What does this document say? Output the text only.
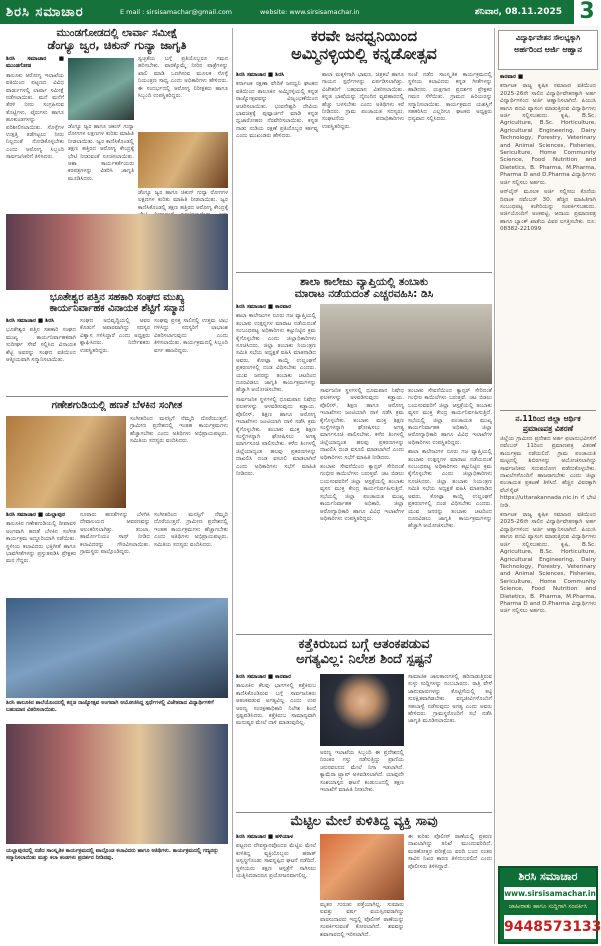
ಶಿರಸಿ ಸಮಾಚಾರ	E mail : sirsisamachar@gmail.com	website: www.sirsisamachar.in	ಶನಿವಾರ, 08.11.2025 3
ಮುಂಡಗೋಡದಲ್ಲಿ ಲಾರ್ವಾ ಸಮೀಕ್ಷೆ
ಡೆಂಗ್ಯೂ ಜ್ವರ, ಚಿಕುನ್ ಗುನ್ಯಾ ಜಾಗೃತಿ

ಶಿರಸಿ ಸಮಾಚಾರ ■ ಮುಂಡಗೋಡ

ತಾಲೂಕು ಆರೋಗ್ಯ ಇಲಾಖೆಯ ವತಿಯಿಂದ ಪಟ್ಟಣದ ವಿವಿಧ ವಾರ್ಡುಗಳಲ್ಲಿ ಲಾರ್ವಾ ಸಮೀಕ್ಷೆ ನಡೆಸಲಾಯಿತು. ಮನೆ ಮನೆಗೆ ತೆರಳಿ ನೀರು ಸಂಗ್ರಹಿಸುವ ತೊಟ್ಟಿಗಳು, ಟೈರುಗಳು ಹಾಗೂ ಹೂಕುಂಡಗಳನ್ನು ಪರಿಶೀಲಿಸಲಾಯಿತು. ಸೊಳ್ಳೆಗಳ ಉತ್ಪತ್ತಿ ತಡೆಗಟ್ಟಲು ನೀರು ನಿಲ್ಲದಂತೆ ನೋಡಿಕೊಳ್ಳಬೇಕು ಎಂದು ಆರೋಗ್ಯ ಸಿಬ್ಬಂದಿ ಸಾರ್ವಜನಿಕರಿಗೆ ತಿಳಿಸಿದರು.

ಡೆಂಗ್ಯೂ ಜ್ವರ ಹಾಗೂ ಚಿಕುನ್ ಗುನ್ಯಾ ರೋಗಗಳ ಲಕ್ಷಣಗಳ ಕುರಿತು ಮಾಹಿತಿ ನೀಡಲಾಯಿತು. ಜ್ವರ ಕಾಣಿಸಿಕೊಂಡಲ್ಲಿ ತಕ್ಷಣ ಹತ್ತಿರದ ಆರೋಗ್ಯ ಕೇಂದ್ರಕ್ಕೆ ಭೇಟಿ ನೀಡುವಂತೆ ಸೂಚಿಸಲಾಯಿತು. ಆಶಾ ಕಾರ್ಯಕರ್ತೆಯರು ಕರಪತ್ರಗಳನ್ನು ವಿತರಿಸಿ ಜಾಗೃತಿ ಮೂಡಿಸಿದರು.

ಸ್ವಚ್ಛತೆಯ ಬಗ್ಗೆ ಪ್ರತಿಯೊಬ್ಬರೂ ಗಮನ ಹರಿಸಬೇಕು. ವಾರಕ್ಕೊಮ್ಮೆ ನೀರಿನ ಪಾತ್ರೆಗಳನ್ನು ಖಾಲಿ ಮಾಡಿ ಒಣಗಿಸುವ ಮೂಲಕ ಸೊಳ್ಳೆ ನಿಯಂತ್ರಣ ಸಾಧ್ಯ ಎಂದು ಅಧಿಕಾರಿಗಳು ಹೇಳಿದರು. ಈ ಸಂದರ್ಭದಲ್ಲಿ ಆರೋಗ್ಯ ನಿರೀಕ್ಷಕರು ಹಾಗೂ ಸಿಬ್ಬಂದಿ ಉಪಸ್ಥಿತರಿದ್ದರು.

ಡೆಂಗ್ಯೂ ಜ್ವರ ಹಾಗೂ ಚಿಕುನ್ ಗುನ್ಯಾ ರೋಗಗಳ ಲಕ್ಷಣಗಳ ಕುರಿತು ಮಾಹಿತಿ ನೀಡಲಾಯಿತು. ಜ್ವರ ಕಾಣಿಸಿಕೊಂಡಲ್ಲಿ ತಕ್ಷಣ ಹತ್ತಿರದ ಆರೋಗ್ಯ ಕೇಂದ್ರಕ್ಕೆ

ಭೂತೇಶ್ವರ ಪತ್ತಿನ ಸಹಕಾರಿ ಸಂಘದ ಮುಖ್ಯ
ಕಾರ್ಯನಿರ್ವಾಹಕ ವಿನಾಯಕ ಶೆಟ್ಟಿಗೆ ಸನ್ಮಾನ

ಶಿರಸಿ ಸಮಾಚಾರ ■ ಶಿರಸಿ

ಭೂತೇಶ್ವರ ಪತ್ತಿನ ಸಹಕಾರಿ ಸಂಘದ ಮುಖ್ಯ ಕಾರ್ಯನಿರ್ವಾಹಕರಾಗಿ ಸುದೀರ್ಘ ಸೇವೆ ಸಲ್ಲಿಸಿದ ವಿನಾಯಕ ಶೆಟ್ಟಿ ಅವರನ್ನು ಸಂಘದ ವತಿಯಿಂದ ಆತ್ಮೀಯವಾಗಿ ಸನ್ಮಾನಿಸಲಾಯಿತು.

ಸಂಘದ ಅಭಿವೃದ್ಧಿಯಲ್ಲಿ ಅವರ ಕೊಡುಗೆ ಅಪಾರವಾಗಿದ್ದು ಸದಸ್ಯರ ವಿಶ್ವಾಸ ಗಳಿಸಿದ್ದಾರೆ ಎಂದು ಅಧ್ಯಕ್ಷರು ಶ್ಲಾಘಿಸಿದರು. ನಿರ್ದೇಶಕರು ಉಪಸ್ಥಿತರಿದ್ದರು.

ಸಂಘವು ಪ್ರಸಕ್ತ ಸಾಲಿನಲ್ಲಿ ಉತ್ತಮ ಲಾಭ ಗಳಿಸಿದ್ದು ಸದಸ್ಯರಿಗೆ ಲಾಭಾಂಶ ವಿತರಿಸಲಾಗುವುದು ಎಂದು ತಿಳಿಸಲಾಯಿತು. ಕಾರ್ಯಕ್ರಮದಲ್ಲಿ ಸಿಬ್ಬಂದಿ ವರ್ಗ ಹಾಜರಿದ್ದರು.

ಗಣೇಶಗುಡಿಯಲ್ಲಿ ಹಣತೆ ಬೆಳಕಿನ ಸಂಗೀತ

ಸಂಗೀತದಿಂದ ಮನಸ್ಸಿಗೆ ನೆಮ್ಮದಿ ದೊರೆಯುತ್ತದೆ. ಗ್ರಾಮೀಣ ಪ್ರದೇಶದಲ್ಲಿ ಇಂತಹ ಕಾರ್ಯಕ್ರಮಗಳು ಹೆಚ್ಚಾಗಬೇಕು ಎಂದು ಅತಿಥಿಗಳು ಅಭಿಪ್ರಾಯಪಟ್ಟರು. ಸಮಿತಿಯ ಸದಸ್ಯರು ವಂದಿಸಿದರು.

ಶಿರಸಿ ಸಮಾಚಾರ ■ ಯಲ್ಲಾಪುರ

ತಾಲೂಕಿನ ಗಣೇಶಗುಡಿಯಲ್ಲಿ ದೀಪಾವಳಿ ಅಂಗವಾಗಿ ಹಣತೆ ಬೆಳಕಿನ ಸಂಗೀತ ಕಾರ್ಯಕ್ರಮ ಅದ್ದೂರಿಯಾಗಿ ನಡೆಯಿತು. ಸ್ಥಳೀಯ ಕಲಾವಿದರು ಭಕ್ತಿಗೀತೆ ಹಾಗೂ ಭಾವಗೀತೆಗಳನ್ನು ಪ್ರಸ್ತುತಪಡಿಸಿ ಪ್ರೇಕ್ಷಕರ ಮನ ಗೆದ್ದರು.

ನೂರಾರು ಹಣತೆಗಳನ್ನು ಬೆಳಗಿಸಿ ದೇವಾಲಯದ ಆವರಣವನ್ನು ಅಲಂಕರಿಸಲಾಗಿತ್ತು. ತಬಲಾ, ಹಾರ್ಮೋನಿಯಂ ಸಾಥ್ ನೀಡಿದ ಕಲಾವಿದರನ್ನು ಗೌರವಿಸಲಾಯಿತು. ಗ್ರಾಮಸ್ಥರು ಪಾಲ್ಗೊಂಡಿದ್ದರು.

ಸಂಗೀತದಿಂದ ಮನಸ್ಸಿಗೆ ನೆಮ್ಮದಿ ದೊರೆಯುತ್ತದೆ. ಗ್ರಾಮೀಣ ಪ್ರದೇಶದಲ್ಲಿ ಇಂತಹ ಕಾರ್ಯಕ್ರಮಗಳು ಹೆಚ್ಚಾಗಬೇಕು ಎಂದು ಅತಿಥಿಗಳು ಅಭಿಪ್ರಾಯಪಟ್ಟರು. ಸಮಿತಿಯ ಸದಸ್ಯರು ವಂದಿಸಿದರು.

ಶಿರಸಿ ತಾಲೂಕಿನ ಶಾಲೆಯೊಂದರಲ್ಲಿ ಕನ್ನಡ ರಾಜ್ಯೋತ್ಸವ ಅಂಗವಾಗಿ ಆಯೋಜಿಸಿದ್ದ ಸ್ಪರ್ಧೆಗಳಲ್ಲಿ ವಿಜೇತರಾದ ವಿದ್ಯಾರ್ಥಿಗಳಿಗೆ ಬಹುಮಾನ ವಿತರಿಸಲಾಯಿತು.
ಯಲ್ಲಾಪುರದಲ್ಲಿ ನಡೆದ ಸಾಂಸ್ಕೃತಿಕ ಕಾರ್ಯಕ್ರಮದಲ್ಲಿ ಪಾಲ್ಗೊಂಡ ಕಲಾವಿದರು ಹಾಗೂ ಅತಿಥಿಗಳು. ಕಾರ್ಯಕ್ರಮದಲ್ಲಿ ಗಣ್ಯರನ್ನು ಸನ್ಮಾನಿಸಲಾಯಿತು ಮತ್ತು ಕಲಾ ತಂಡಗಳು ಪ್ರದರ್ಶನ ನೀಡಿದವು.
ಕರವೇ ಜನಧ್ವನಿಯಿಂದ
ಅಮ್ಮಿನಳ್ಳಿಯಲ್ಲಿ ಕನ್ನಡೋತ್ಸವ

ಶಿರಸಿ ಸಮಾಚಾರ ■ ಶಿರಸಿ

ಕರ್ನಾಟಕ ರಕ್ಷಣಾ ವೇದಿಕೆ ಜನಧ್ವನಿ ಘಟಕದ ವತಿಯಿಂದ ತಾಲೂಕಿನ ಅಮ್ಮಿನಳ್ಳಿಯಲ್ಲಿ ಕನ್ನಡ ರಾಜ್ಯೋತ್ಸವವನ್ನು ವಿಜೃಂಭಣೆಯಿಂದ ಆಚರಿಸಲಾಯಿತು. ಭುವನೇಶ್ವರಿ ದೇವಿಯ ಭಾವಚಿತ್ರಕ್ಕೆ ಪುಷ್ಪಾರ್ಚನೆ ಮಾಡಿ ಕನ್ನಡ ಧ್ವಜಾರೋಹಣ ನೆರವೇರಿಸಲಾಯಿತು. ಕನ್ನಡ ನಾಡು ನುಡಿಯ ರಕ್ಷಣೆ ಪ್ರತಿಯೊಬ್ಬರ ಕರ್ತವ್ಯ ಎಂದು ಮುಖಂಡರು ಹೇಳಿದರು.

ಶಾಲಾ ಮಕ್ಕಳಿಗಾಗಿ ಭಾಷಣ, ಚಿತ್ರಕಲೆ ಹಾಗೂ ಗಾಯನ ಸ್ಪರ್ಧೆಗಳನ್ನು ಏರ್ಪಡಿಸಲಾಗಿತ್ತು. ವಿಜೇತರಿಗೆ ಬಹುಮಾನ ವಿತರಿಸಲಾಯಿತು. ಕನ್ನಡ ಭಾಷೆಯನ್ನು ದೈನಂದಿನ ವ್ಯವಹಾರದಲ್ಲಿ ಹೆಚ್ಚು ಬಳಸಬೇಕು ಎಂದು ಅತಿಥಿಗಳು ಕರೆ ನೀಡಿದರು. ಗ್ರಾಮ ಪಂಚಾಯತ ಸದಸ್ಯರು, ಸಂಘಟನೆಯ ಪದಾಧಿಕಾರಿಗಳು ಉಪಸ್ಥಿತರಿದ್ದರು.

ಸಂಜೆ ನಡೆದ ಸಾಂಸ್ಕೃತಿಕ ಕಾರ್ಯಕ್ರಮದಲ್ಲಿ ಸ್ಥಳೀಯ ಕಲಾವಿದರು ಕನ್ನಡ ಗೀತೆಗಳನ್ನು ಹಾಡಿದರು. ಯಕ್ಷಗಾನ ಪ್ರದರ್ಶನ ಪ್ರೇಕ್ಷಕರ ಗಮನ ಸೆಳೆಯಿತು. ಗ್ರಾಮದ ಹಿರಿಯರನ್ನು ಸನ್ಮಾನಿಸಲಾಯಿತು. ಕಾರ್ಯಕ್ರಮದ ಯಶಸ್ಸಿಗೆ ಸಹಕರಿಸಿದ ಎಲ್ಲರಿಗೂ ಘಟಕದ ಅಧ್ಯಕ್ಷರು ಧನ್ಯವಾದ ಸಲ್ಲಿಸಿದರು.

ಶಾಲಾ ಕಾಲೇಜು ವ್ಯಾಪ್ತಿಯಲ್ಲಿ ತಂಬಾಕು
ಮಾರಾಟ ನಡೆಯದಂತೆ ಎಚ್ಚರವಹಿಸಿ: ಡಿಸಿ

ಶಿರಸಿ ಸಮಾಚಾರ ■ ಕಾರವಾರ

ಶಾಲಾ ಕಾಲೇಜುಗಳ ನೂರು ಗಜ ವ್ಯಾಪ್ತಿಯಲ್ಲಿ ತಂಬಾಕು ಉತ್ಪನ್ನಗಳ ಮಾರಾಟ ನಡೆಯದಂತೆ ಸಂಬಂಧಪಟ್ಟ ಅಧಿಕಾರಿಗಳು ಕಟ್ಟುನಿಟ್ಟಿನ ಕ್ರಮ ಕೈಗೊಳ್ಳಬೇಕು ಎಂದು ಜಿಲ್ಲಾಧಿಕಾರಿಗಳು ಸೂಚಿಸಿದರು. ಜಿಲ್ಲಾ ತಂಬಾಕು ನಿಯಂತ್ರಣ ಸಮಿತಿ ಸಭೆಯ ಅಧ್ಯಕ್ಷತೆ ವಹಿಸಿ ಮಾತನಾಡಿದ ಅವರು, ಕೋಟ್ಪಾ ಕಾಯ್ದೆ ಉಲ್ಲಂಘನೆ ಪ್ರಕರಣಗಳಲ್ಲಿ ದಂಡ ವಿಧಿಸಬೇಕು ಎಂದರು. ಯುವ ಜನರನ್ನು ತಂಬಾಕು ಚಟದಿಂದ ದೂರವಿಡಲು ಜಾಗೃತಿ ಕಾರ್ಯಕ್ರಮಗಳನ್ನು ಹೆಚ್ಚಾಗಿ ಆಯೋಜಿಸಬೇಕು.

ಸಾರ್ವಜನಿಕ ಸ್ಥಳಗಳಲ್ಲಿ ಧೂಮಪಾನ ನಿಷೇಧ ಫಲಕಗಳನ್ನು ಅಳವಡಿಸುವುದು ಕಡ್ಡಾಯ. ಪೊಲೀಸ್, ಶಿಕ್ಷಣ ಹಾಗೂ ಆರೋಗ್ಯ ಇಲಾಖೆಗಳು ಜಂಟಿಯಾಗಿ ದಾಳಿ ನಡೆಸಿ ಕ್ರಮ ಕೈಗೊಳ್ಳಬೇಕು. ತಂಬಾಕು ಮುಕ್ತ ಶಿಕ್ಷಣ ಸಂಸ್ಥೆಗಳನ್ನಾಗಿ ಘೋಷಿಸಲು ಅಗತ್ಯ ಮಾರ್ಗಸೂಚಿ ಪಾಲಿಸಬೇಕು. ಕಳೆದ ತಿಂಗಳಲ್ಲಿ ಜಿಲ್ಲೆಯಾದ್ಯಂತ ಹಲವು ಪ್ರಕರಣಗಳನ್ನು ದಾಖಲಿಸಿ ದಂಡ ವಸೂಲಿ ಮಾಡಲಾಗಿದೆ ಎಂದು ಅಧಿಕಾರಿಗಳು ಸಭೆಗೆ ಮಾಹಿತಿ ನೀಡಿದರು.

ಸಾರ್ವಜನಿಕ ಸ್ಥಳಗಳಲ್ಲಿ ಧೂಮಪಾನ ನಿಷೇಧ ಫಲಕಗಳನ್ನು ಅಳವಡಿಸುವುದು ಕಡ್ಡಾಯ. ಪೊಲೀಸ್, ಶಿಕ್ಷಣ ಹಾಗೂ ಆರೋಗ್ಯ ಇಲಾಖೆಗಳು ಜಂಟಿಯಾಗಿ ದಾಳಿ ನಡೆಸಿ ಕ್ರಮ ಕೈಗೊಳ್ಳಬೇಕು. ತಂಬಾಕು ಮುಕ್ತ ಶಿಕ್ಷಣ ಸಂಸ್ಥೆಗಳನ್ನಾಗಿ ಘೋಷಿಸಲು ಅಗತ್ಯ ಮಾರ್ಗಸೂಚಿ ಪಾಲಿಸಬೇಕು. ಕಳೆದ ತಿಂಗಳಲ್ಲಿ ಜಿಲ್ಲೆಯಾದ್ಯಂತ ಹಲವು ಪ್ರಕರಣಗಳನ್ನು ದಾಖಲಿಸಿ ದಂಡ ವಸೂಲಿ ಮಾಡಲಾಗಿದೆ ಎಂದು ಅಧಿಕಾರಿಗಳು ಸಭೆಗೆ ಮಾಹಿತಿ ನೀಡಿದರು.

ತಂಬಾಕು ಸೇವನೆಯಿಂದ ಕ್ಯಾನ್ಸರ್ ಸೇರಿದಂತೆ ಗಂಭೀರ ಕಾಯಿಲೆಗಳು ಬರುತ್ತವೆ. ಚಟ ಬಿಡಲು ಬಯಸುವವರಿಗೆ ಜಿಲ್ಲಾ ಆಸ್ಪತ್ರೆಯಲ್ಲಿ ತಂಬಾಕು ವ್ಯಸನ ಮುಕ್ತ ಕೇಂದ್ರ ಕಾರ್ಯನಿರ್ವಹಿಸುತ್ತಿದೆ. ಸಭೆಯಲ್ಲಿ ಜಿಲ್ಲಾ ಪಂಚಾಯತ ಮುಖ್ಯ ಕಾರ್ಯನಿರ್ವಾಹಕ ಅಧಿಕಾರಿ, ಜಿಲ್ಲಾ ಆರೋಗ್ಯಾಧಿಕಾರಿ ಹಾಗೂ ವಿವಿಧ ಇಲಾಖೆಗಳ ಅಧಿಕಾರಿಗಳು ಉಪಸ್ಥಿತರಿದ್ದರು.

ತಂಬಾಕು ಸೇವನೆಯಿಂದ ಕ್ಯಾನ್ಸರ್ ಸೇರಿದಂತೆ ಗಂಭೀರ ಕಾಯಿಲೆಗಳು ಬರುತ್ತವೆ. ಚಟ ಬಿಡಲು ಬಯಸುವವರಿಗೆ ಜಿಲ್ಲಾ ಆಸ್ಪತ್ರೆಯಲ್ಲಿ ತಂಬಾಕು ವ್ಯಸನ ಮುಕ್ತ ಕೇಂದ್ರ ಕಾರ್ಯನಿರ್ವಹಿಸುತ್ತಿದೆ. ಸಭೆಯಲ್ಲಿ ಜಿಲ್ಲಾ ಪಂಚಾಯತ ಮುಖ್ಯ ಕಾರ್ಯನಿರ್ವಾಹಕ ಅಧಿಕಾರಿ, ಜಿಲ್ಲಾ ಆರೋಗ್ಯಾಧಿಕಾರಿ ಹಾಗೂ ವಿವಿಧ ಇಲಾಖೆಗಳ ಅಧಿಕಾರಿಗಳು ಉಪಸ್ಥಿತರಿದ್ದರು.

ಶಾಲಾ ಕಾಲೇಜುಗಳ ನೂರು ಗಜ ವ್ಯಾಪ್ತಿಯಲ್ಲಿ ತಂಬಾಕು ಉತ್ಪನ್ನಗಳ ಮಾರಾಟ ನಡೆಯದಂತೆ ಸಂಬಂಧಪಟ್ಟ ಅಧಿಕಾರಿಗಳು ಕಟ್ಟುನಿಟ್ಟಿನ ಕ್ರಮ ಕೈಗೊಳ್ಳಬೇಕು ಎಂದು ಜಿಲ್ಲಾಧಿಕಾರಿಗಳು ಸೂಚಿಸಿದರು. ಜಿಲ್ಲಾ ತಂಬಾಕು ನಿಯಂತ್ರಣ ಸಮಿತಿ ಸಭೆಯ ಅಧ್ಯಕ್ಷತೆ ವಹಿಸಿ ಮಾತನಾಡಿದ ಅವರು, ಕೋಟ್ಪಾ ಕಾಯ್ದೆ ಉಲ್ಲಂಘನೆ ಪ್ರಕರಣಗಳಲ್ಲಿ ದಂಡ ವಿಧಿಸಬೇಕು ಎಂದರು. ಯುವ ಜನರನ್ನು ತಂಬಾಕು ಚಟದಿಂದ ದೂರವಿಡಲು ಜಾಗೃತಿ ಕಾರ್ಯಕ್ರಮಗಳನ್ನು ಹೆಚ್ಚಾಗಿ ಆಯೋಜಿಸಬೇಕು.

ಕತ್ತೆಕಿರುಬದ ಬಗ್ಗೆ ಆತಂಕಪಡುವ
ಅಗತ್ಯವಿಲ್ಲ: ನಿಲೇಶ ಶಿಂದೆ ಸ್ಪಷ್ಟನೆ

ಶಿರಸಿ ಸಮಾಚಾರ ■ ಕಾರವಾರ

ತಾಲೂಕಿನ ಕೆಲವು ಭಾಗಗಳಲ್ಲಿ ಕತ್ತೆಕಿರುಬ ಕಾಣಿಸಿಕೊಂಡಿರುವ ಬಗ್ಗೆ ಸಾರ್ವಜನಿಕರು ಆತಂಕಪಡುವ ಅಗತ್ಯವಿಲ್ಲ ಎಂದು ಉಪ ಅರಣ್ಯ ಸಂರಕ್ಷಣಾಧಿಕಾರಿ ನಿಲೇಶ ಶಿಂದೆ ಸ್ಪಷ್ಟಪಡಿಸಿದರು. ಕತ್ತೆಕಿರುಬ ಸಾಮಾನ್ಯವಾಗಿ ಮನುಷ್ಯರ ಮೇಲೆ ದಾಳಿ ಮಾಡುವುದಿಲ್ಲ.

ಅರಣ್ಯ ಇಲಾಖೆಯ ಸಿಬ್ಬಂದಿ ಈ ಪ್ರದೇಶದಲ್ಲಿ ನಿರಂತರ ಗಸ್ತು ನಡೆಸುತ್ತಿದ್ದು ಪ್ರಾಣಿಯ ಚಲನವಲನದ ಮೇಲೆ ನಿಗಾ ಇಡಲಾಗಿದೆ. ಕ್ಯಾಮೆರಾ ಟ್ರ್ಯಾಪ್ ಅಳವಡಿಸಲಾಗಿದೆ. ಯಾವುದೇ ಸಂಶಯಾಸ್ಪದ ಘಟನೆ ಕಂಡುಬಂದಲ್ಲಿ ತಕ್ಷಣ ಇಲಾಖೆಗೆ ಮಾಹಿತಿ ನೀಡಬೇಕು.

ಸಾಮಾಜಿಕ ಜಾಲತಾಣಗಳಲ್ಲಿ ಹರಿದಾಡುತ್ತಿರುವ ಸುಳ್ಳು ಸುದ್ದಿಗಳನ್ನು ನಂಬಬಾರದು. ರಾತ್ರಿ ವೇಳೆ ಜಾನುವಾರುಗಳನ್ನು ಕೊಟ್ಟಿಗೆಯಲ್ಲಿ ಕಟ್ಟಿ ಸುರಕ್ಷಿತವಾಗಿಡಬೇಕು. ವನ್ಯಜೀವಿಗಳೊಂದಿಗೆ ಸಹಬಾಳ್ವೆ ನಡೆಸುವುದು ಅಗತ್ಯ ಎಂದು ಅವರು ಹೇಳಿದರು. ಗ್ರಾಮಸ್ಥರೊಂದಿಗೆ ಸಭೆ ನಡೆಸಿ ಜಾಗೃತಿ ಮೂಡಿಸಲಾಯಿತು.

ಮೆಟ್ಟಿಲ ಮೇಲೆ ಕುಳಿತಿದ್ದ ವ್ಯಕ್ತಿ ಸಾವು

ಶಿರಸಿ ಸಮಾಚಾರ ■ ಹಳಿಯಾಳ

ಪಟ್ಟಣದ ದೇವಸ್ಥಾನವೊಂದರ ಮೆಟ್ಟಿಲ ಮೇಲೆ ಕುಳಿತಿದ್ದ ವ್ಯಕ್ತಿಯೊಬ್ಬರು ಹಠಾತ್ ಅಸ್ವಸ್ಥಗೊಂಡು ಸಾವನ್ನಪ್ಪಿದ ಘಟನೆ ನಡೆದಿದೆ. ಸ್ಥಳೀಯರು ತಕ್ಷಣ ಆಸ್ಪತ್ರೆಗೆ ಸಾಗಿಸಲು ಯತ್ನಿಸಿದರಾದರೂ ಪ್ರಯೋಜನವಾಗಲಿಲ್ಲ.

ಮೃತರ ಗುರುತು ಪತ್ತೆಯಾಗಿಲ್ಲ. ಸುಮಾರು ಐವತ್ತು ವರ್ಷ ವಯಸ್ಸಿನವರಾಗಿದ್ದು ವಾರಸುದಾರರು ಇದ್ದಲ್ಲಿ ಪೊಲೀಸ್ ಠಾಣೆಯನ್ನು ಸಂಪರ್ಕಿಸುವಂತೆ ಕೋರಲಾಗಿದೆ. ಶವವನ್ನು ಶವಾಗಾರದಲ್ಲಿ ಇರಿಸಲಾಗಿದೆ.

ಈ ಕುರಿತು ಪೊಲೀಸ್ ಠಾಣೆಯಲ್ಲಿ ಪ್ರಕರಣ ದಾಖಲಾಗಿದ್ದು ತನಿಖೆ ಮುಂದುವರಿದಿದೆ. ಮರಣೋತ್ತರ ಪರೀಕ್ಷೆಯ ವರದಿ ಬಂದ ನಂತರ ಸಾವಿನ ನಿಖರ ಕಾರಣ ತಿಳಿದುಬರಲಿದೆ ಎಂದು ಪೊಲೀಸರು ತಿಳಿಸಿದ್ದಾರೆ.

ವಿದ್ಯಾರ್ಥಿವೇತನ ಸೌಲಭ್ಯಕ್ಕಾಗಿ
ಅರ್ಹರಿಂದ ಅರ್ಜಿ ಆಹ್ವಾನ

ಕಾರವಾರ ■

ಕರ್ನಾಟಕ ರಾಜ್ಯ ಕೃಷಿಕ ಸಮಾಜದ ವತಿಯಿಂದ 2025-26ನೇ ಸಾಲಿನ ವಿದ್ಯಾರ್ಥಿವೇತನಕ್ಕಾಗಿ ಅರ್ಹ ವಿದ್ಯಾರ್ಥಿಗಳಿಂದ ಅರ್ಜಿ ಆಹ್ವಾನಿಸಲಾಗಿದೆ. ಪಿಯುಸಿ ಹಾಗೂ ಪದವಿ ವ್ಯಾಸಂಗ ಮಾಡುತ್ತಿರುವ ವಿದ್ಯಾರ್ಥಿಗಳು ಅರ್ಜಿ ಸಲ್ಲಿಸಬಹುದು. ಕೃಷಿ, B.Sc. Agriculture, B.Sc. Horticulture, Agricultural Engineering, Dairy Technology, Forestry, Veterinary and Animal Sciences, Fisheries, Sericulture, Home Community Science, Food Nutrition and Dietetics, B. Pharma, M.Pharma, Pharma D and D.Pharma ವಿದ್ಯಾರ್ಥಿಗಳು ಅರ್ಜಿ ಸಲ್ಲಿಸಲು ಅರ್ಹರು.

ಆನ್‌ಲೈನ್ ಮೂಲಕ ಅರ್ಜಿ ಸಲ್ಲಿಸಲು ಕೊನೆಯ ದಿನಾಂಕ ನವೆಂಬರ್ 30. ಹೆಚ್ಚಿನ ಮಾಹಿತಿಗಾಗಿ ಸಂಬಂಧಪಟ್ಟ ಕಚೇರಿಯನ್ನು ಸಂಪರ್ಕಿಸಬಹುದು. ಅರ್ಜಿಯೊಂದಿಗೆ ಅಂಕಪಟ್ಟಿ, ಆದಾಯ ಪ್ರಮಾಣಪತ್ರ ಹಾಗೂ ಬ್ಯಾಂಕ್ ಖಾತೆಯ ವಿವರ ಲಗತ್ತಿಸಬೇಕು. ದೂ: 08382-221099

ನ.11ರಿಂದ ಜಿಲ್ಲಾ ಆರ್ಥಿಕ
ಪ್ರಮಾಣಪತ್ರ ವಿತರಣೆ

ಜಿಲ್ಲೆಯ ಗ್ರಾಮೀಣ ಪ್ರದೇಶದ ಅರ್ಹ ಫಲಾನುಭವಿಗಳಿಗೆ ನವೆಂಬರ್ 11ರಿಂದ ಪ್ರಮಾಣಪತ್ರ ವಿತರಣೆ ಕಾರ್ಯಕ್ರಮ ನಡೆಯಲಿದೆ. ಗ್ರಾಮ ಪಂಚಾಯತಿ ಮಟ್ಟದಲ್ಲಿ ಶಿಬಿರಗಳನ್ನು ಆಯೋಜಿಸಲಾಗಿದ್ದು ಸಾರ್ವಜನಿಕರು ಸದುಪಯೋಗ ಪಡೆದುಕೊಳ್ಳಬೇಕು. ದಾಖಲೆಗಳೊಂದಿಗೆ ಹಾಜರಾಗಬೇಕು ಎಂದು ಜಿಲ್ಲಾ ಪಂಚಾಯತ ಪ್ರಕಟಣೆ ತಿಳಿಸಿದೆ. ಹೆಚ್ಚಿನ ವಿವರಕ್ಕಾಗಿ ವೆಬ್‌ಸೈಟ್ https://uttarakannada.nic.in ಗೆ ಭೇಟಿ ನೀಡಿ.

ಕರ್ನಾಟಕ ರಾಜ್ಯ ಕೃಷಿಕ ಸಮಾಜದ ವತಿಯಿಂದ 2025-26ನೇ ಸಾಲಿನ ವಿದ್ಯಾರ್ಥಿವೇತನಕ್ಕಾಗಿ ಅರ್ಹ ವಿದ್ಯಾರ್ಥಿಗಳಿಂದ ಅರ್ಜಿ ಆಹ್ವಾನಿಸಲಾಗಿದೆ. ಪಿಯುಸಿ ಹಾಗೂ ಪದವಿ ವ್ಯಾಸಂಗ ಮಾಡುತ್ತಿರುವ ವಿದ್ಯಾರ್ಥಿಗಳು ಅರ್ಜಿ ಸಲ್ಲಿಸಬಹುದು. ಕೃಷಿ, B.Sc. Agriculture, B.Sc. Horticulture, Agricultural Engineering, Dairy Technology, Forestry, Veterinary and Animal Sciences, Fisheries, Sericulture, Home Community Science, Food Nutrition and Dietetics, B. Pharma, M.Pharma, Pharma D and D.Pharma ವಿದ್ಯಾರ್ಥಿಗಳು ಅರ್ಜಿ ಸಲ್ಲಿಸಲು ಅರ್ಹರು.

ಶಿರಸಿ ಸಮಾಚಾರ
www.sirsisamachar.in
ಜಾಹೀರಾತು ಹಾಗೂ ಸುದ್ದಿಗಾಗಿ ಸಂಪರ್ಕಿಸಿ
9448573133
